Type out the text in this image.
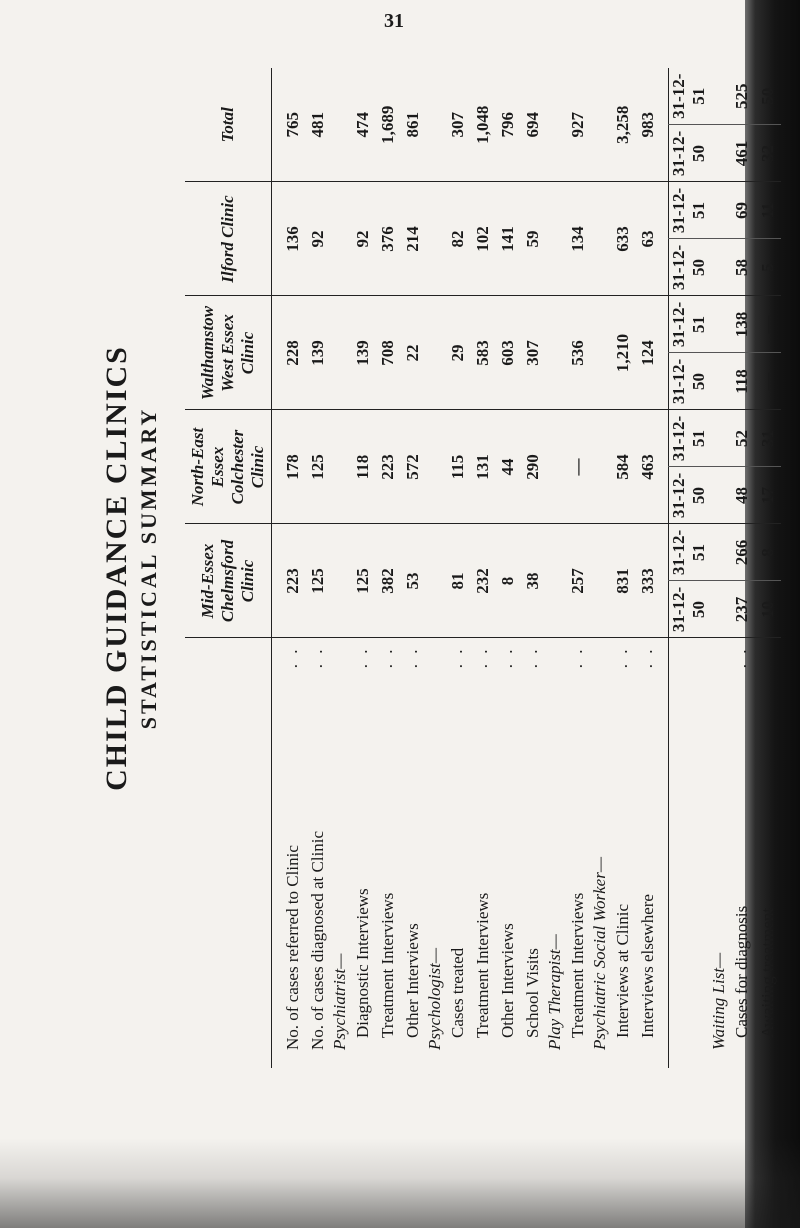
31
CHILD GUIDANCE CLINICS STATISTICAL SUMMARY
	Mid-Essex
Chelmsford Clinic		North-East Essex
Colchester Clinic		Walthamstow
West Essex Clinic		Ilford Clinic		Total	

No. of cases referred to Clinic
. .	223		178		228		136		765	
No. of cases diagnosed at Clinic
. .	125		125		139		92		481	
Psychiatrist—										
Diagnostic Interviews
. .	125		118		139		92		474	
Treatment Interviews
. .	382		223		708		376		1,689	
Other Interviews
. .	53		572		22		214		861	
Psychologist—										
Cases treated
. .	81		115		29		82		307	
Treatment Interviews
. .	232		131		583		102		1,048	
Other Interviews
. .	8		44		603		141		796	
School Visits
. .	38		290		307		59		694	
Play Therapist—										
Treatment Interviews
. .	257		—		536		134		927	
Psychiatric Social Worker—										
Interviews at Clinic
. .	831		584		1,210		633		3,258	
Interviews elsewhere
. .	333		463		124		63		983	

	31-12-50	31-12-51	31-12-50	31-12-51	31-12-50	31-12-51	31-12-50	31-12-51	31-12-50	31-12-51
Waiting List—										
Cases for diagnosis
. .	237	266	48	52	118	138	58	69	461	525
Awaiting treatment
. .	10	8	17	31	—	—	5	11	32	50
